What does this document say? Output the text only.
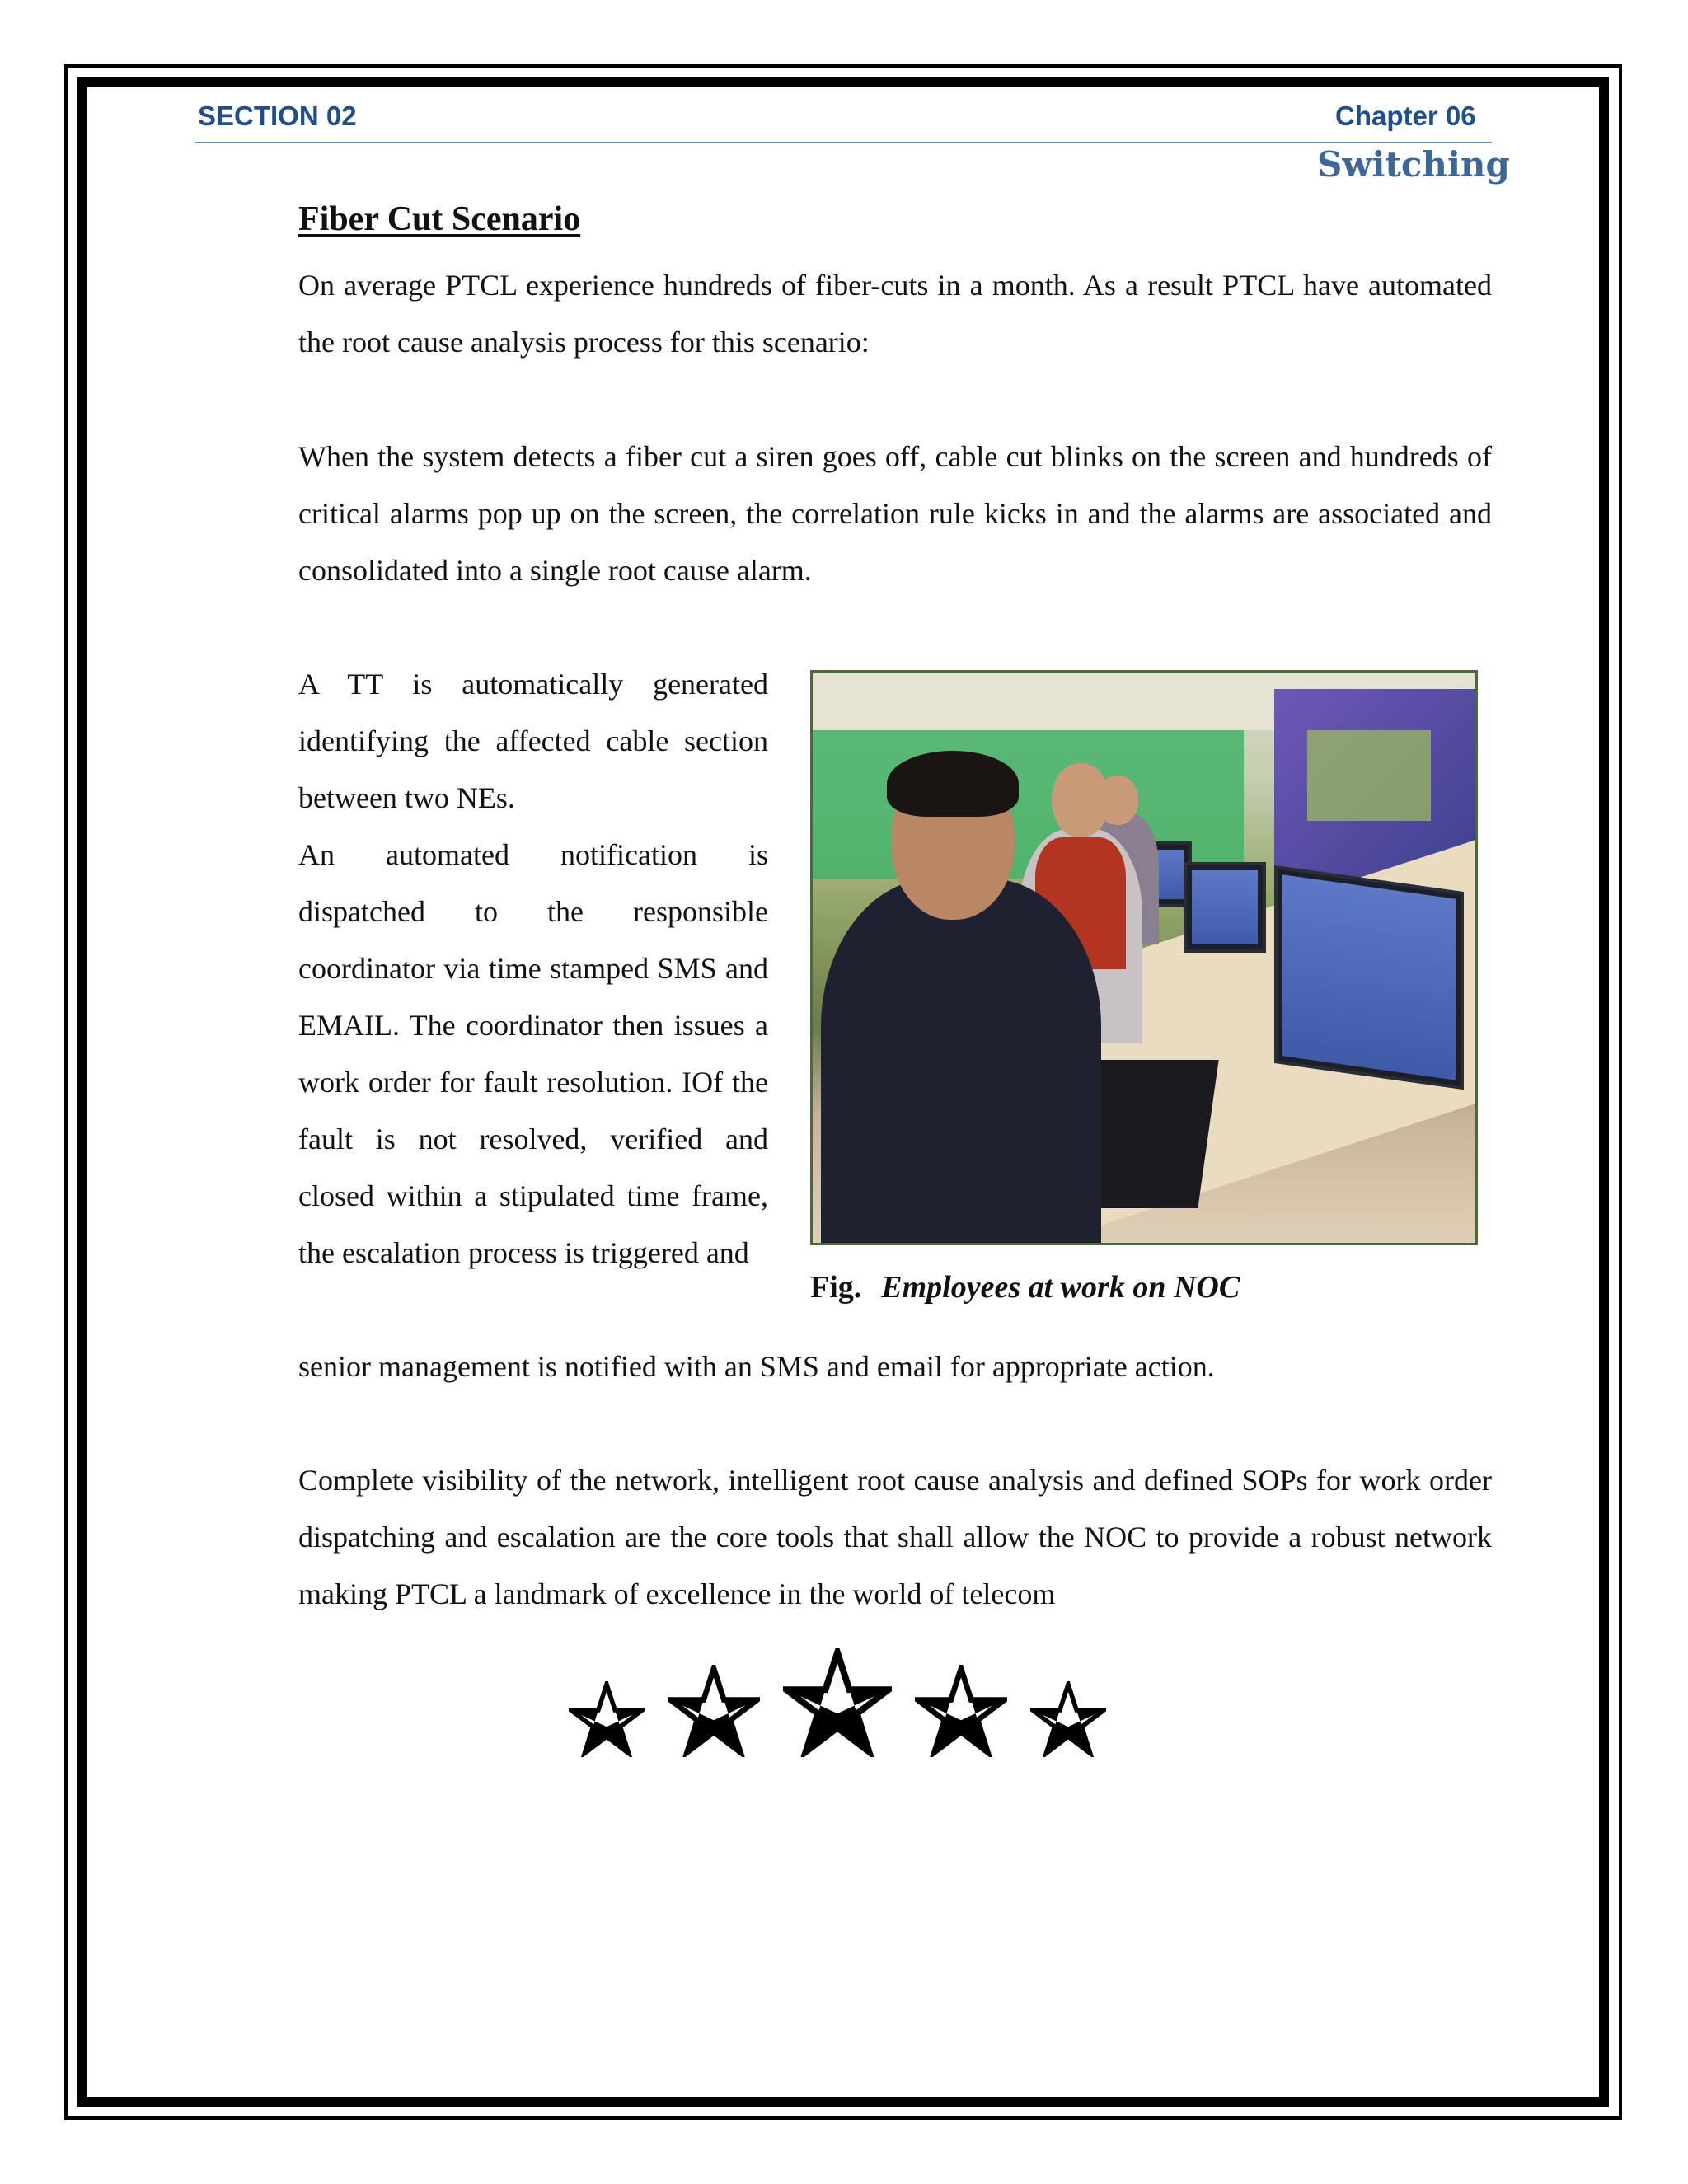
SECTION 02	Chapter 06
Switching
Fiber Cut Scenario

On average PTCL experience hundreds of fiber-cuts in a month. As a result PTCL have automated the root cause analysis process for this scenario:

When the system detects a fiber cut a siren goes off, cable cut blinks on the screen and hundreds of critical alarms pop up on the screen, the correlation rule kicks in and the alarms are associated and consolidated into a single root cause alarm.

A TT is automatically generated identifying the affected cable section between two NEs.
An automated notification is dispatched to the responsible coordinator via time stamped SMS and EMAIL. The coordinator then issues a work order for fault resolution. IOf the fault is not resolved, verified and closed within a stipulated time frame, the escalation process is triggered and
Fig. Employees at work on NOC

senior management is notified with an SMS and email for appropriate action.

Complete visibility of the network, intelligent root cause analysis and defined SOPs for work order dispatching and escalation are the core tools that shall allow the NOC to provide a robust network making PTCL a landmark of excellence in the world of telecom
